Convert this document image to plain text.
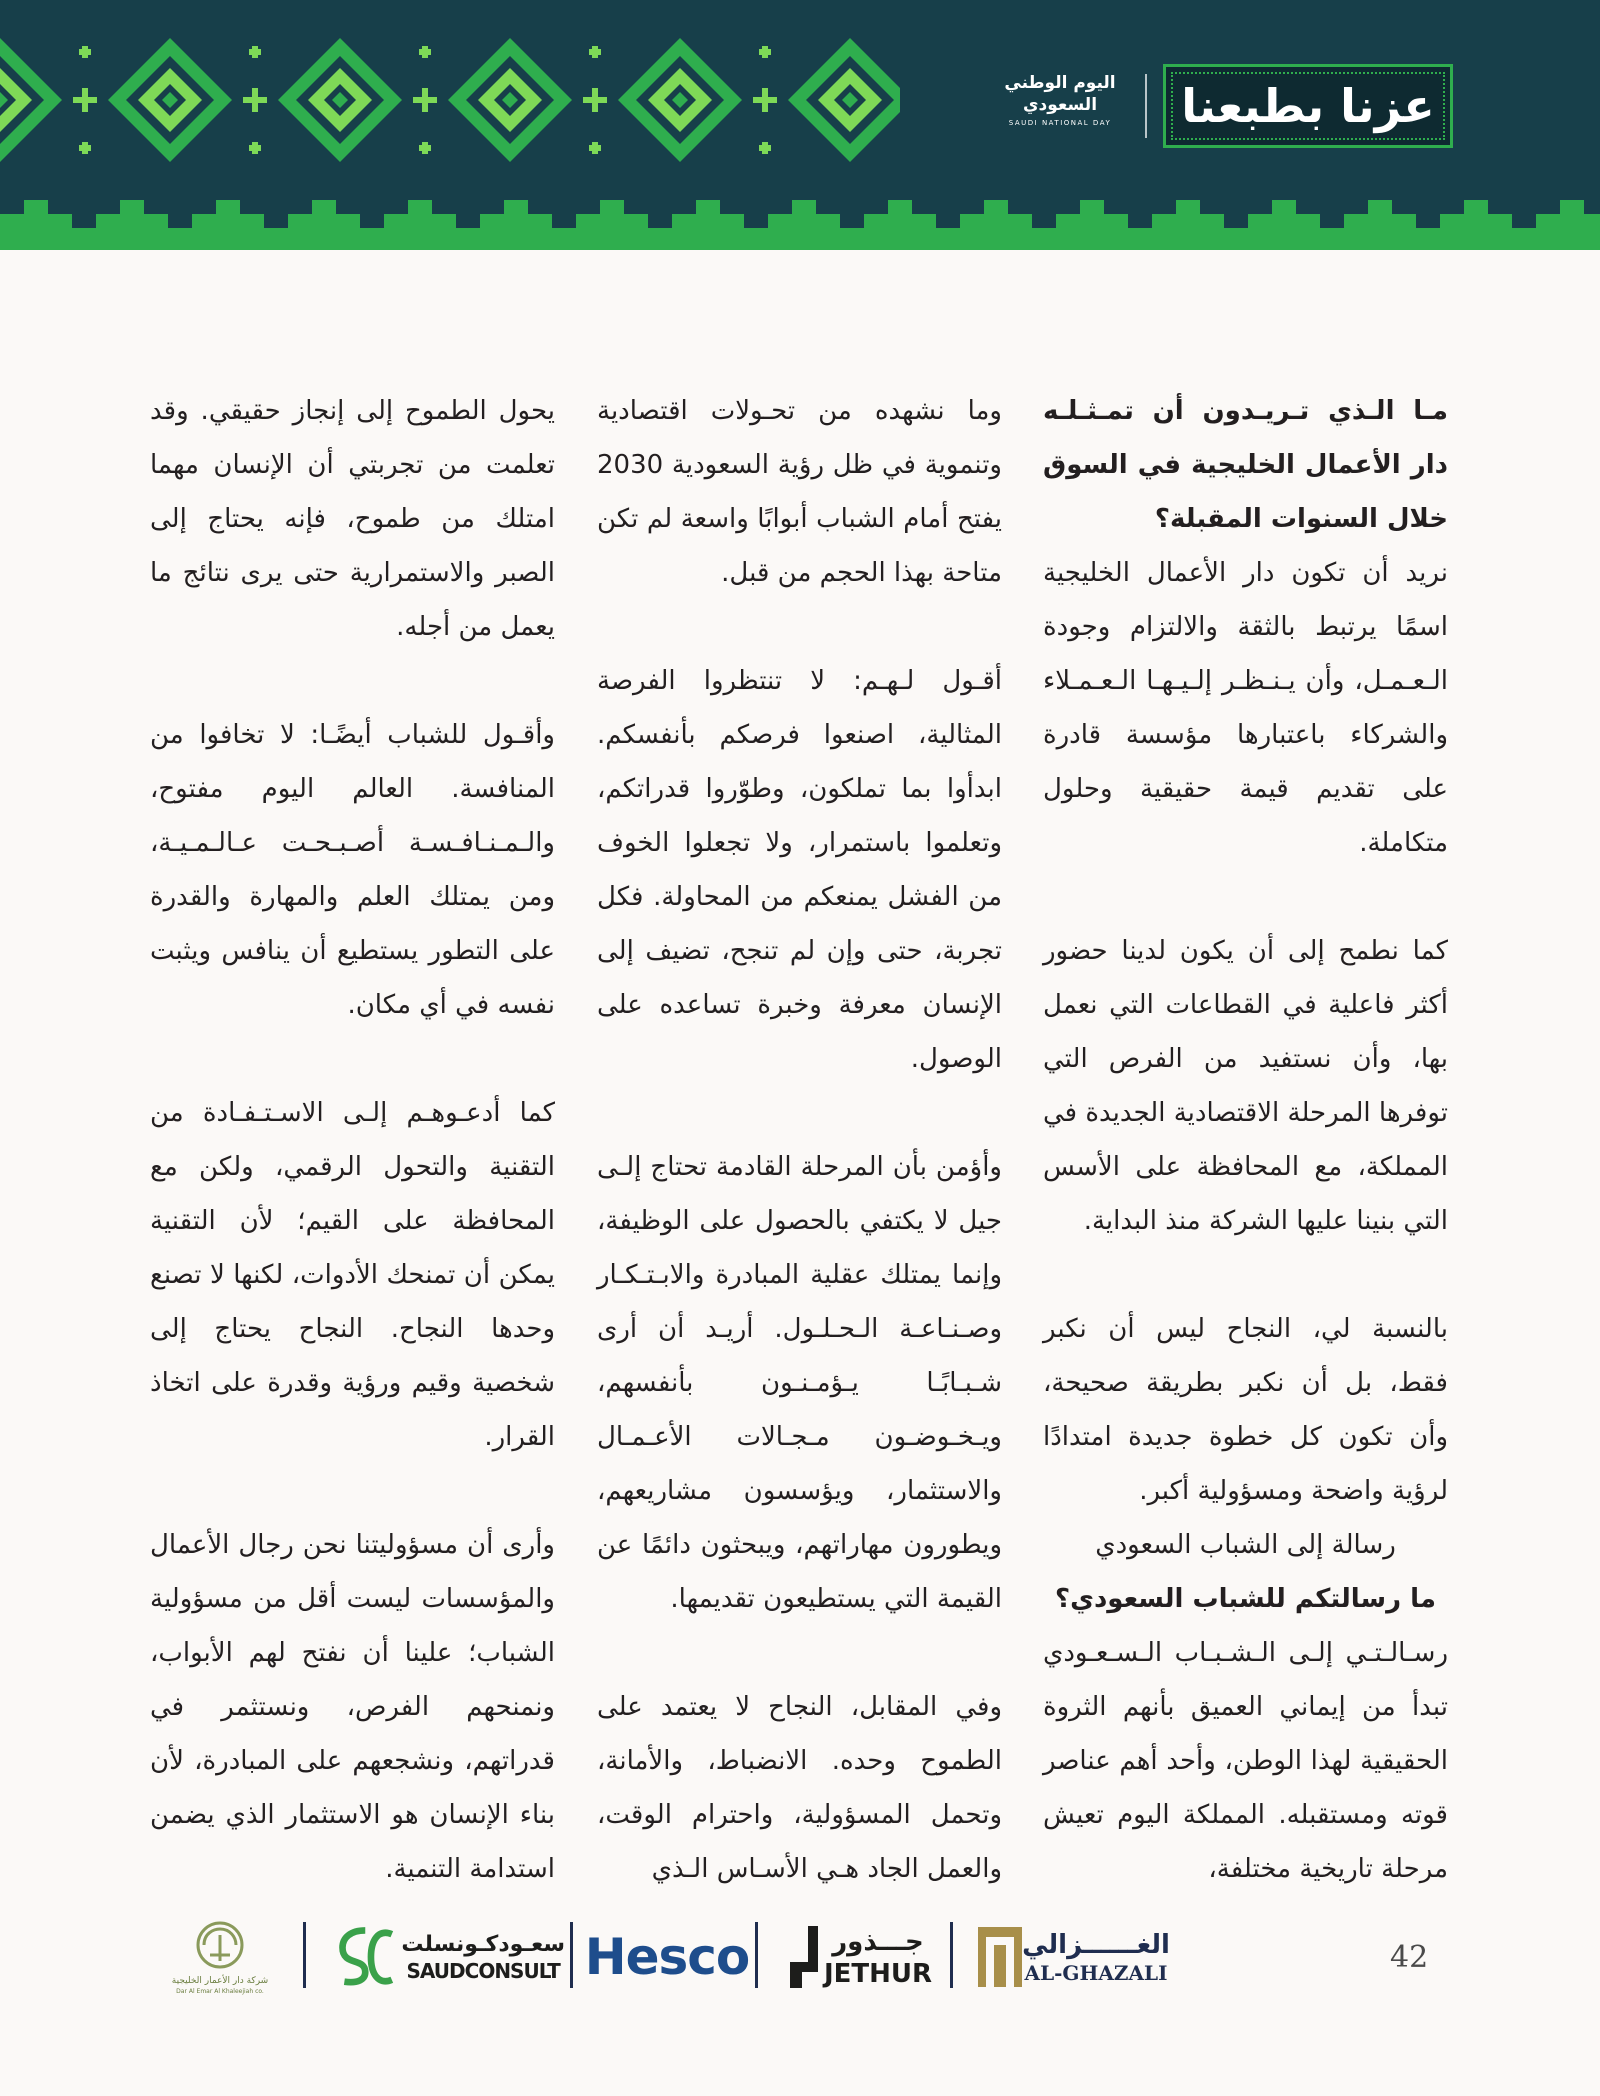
اليوم الوطني
السعودي
SAUDI NATIONAL DAY	عزنا بطبعنا

مـا الـذي تـريـدون أن تمـثـلـه دار الأعمال الخليجية في السوق خلال السنوات المقبلة؟

نريد أن تكون دار الأعمال الخليجية اسمًا يرتبط بالثقة والالتزام وجودة الـعـمـل، وأن يـنـظـر إلـيـهـا الـعـمـلاء والشركاء باعتبارها مؤسسة قادرة على تقديم قيمة حقيقية وحلول متكاملة.

كما نطمح إلى أن يكون لدينا حضور أكثر فاعلية في القطاعات التي نعمل بها، وأن نستفيد من الفرص التي توفرها المرحلة الاقتصادية الجديدة في المملكة، مع المحافظة على الأسس التي بنينا عليها الشركة منذ البداية.

بالنسبة لي، النجاح ليس أن نكبر فقط، بل أن نكبر بطريقة صحيحة، وأن تكون كل خطوة جديدة امتدادًا لرؤية واضحة ومسؤولية أكبر.

رسالة إلى الشباب السعودي

ما رسالتكم للشباب السعودي؟

رسـالـتـي إلـى الـشـبـاب الـسـعـودي تبدأ من إيماني العميق بأنهم الثروة الحقيقية لهذا الوطن، وأحد أهم عناصر قوته ومستقبله. المملكة اليوم تعيش مرحلة تاريخية مختلفة،

وما نشهده من تحـولات اقتصادية وتنموية في ظل رؤية السعودية 2030 يفتح أمام الشباب أبوابًا واسعة لم تكن متاحة بهذا الحجم من قبل.

أقـول لـهـم: لا تنتظروا الفرصة المثالية، اصنعوا فرصكم بأنفسكم. ابدأوا بما تملكون، وطوّروا قدراتكم، وتعلموا باستمرار، ولا تجعلوا الخوف من الفشل يمنعكم من المحاولة. فكل تجربة، حتى وإن لم تنجح، تضيف إلى الإنسان معرفة وخبرة تساعده على الوصول.

وأؤمن بأن المرحلة القادمة تحتاج إلـى جيل لا يكتفي بالحصول على الوظيفة، وإنما يمتلك عقلية المبادرة والابـتـكـار وصـنـاعـة الـحـلـول. أريـد أن أرى شـبـابًـا يـؤمـنـون بأنفسهم، ويـخـوضـون مـجـالات الأعـمـال والاستثمار، ويؤسسون مشاريعهم، ويطورون مهاراتهم، ويبحثون دائمًا عن القيمة التي يستطيعون تقديمها.

وفي المقابل، النجاح لا يعتمد على الطموح وحده. الانضباط، والأمانة، وتحمل المسؤولية، واحترام الوقت، والعمل الجاد هـي الأسـاس الـذي

يحول الطموح إلى إنجاز حقيقي. وقد تعلمت من تجربتي أن الإنسان مهما امتلك من طموح، فإنه يحتاج إلى الصبر والاستمرارية حتى يرى نتائج ما يعمل من أجله.

وأقـول للشباب أيضًـا: لا تخافوا من المنافسة. العالم اليوم مفتوح، والـمـنـافـسـة أصـبـحـت عـالـمـيـة، ومن يمتلك العلم والمهارة والقدرة على التطور يستطيع أن ينافس ويثبت نفسه في أي مكان.

كما أدعـوهـم إلـى الاسـتـفـادة من التقنية والتحول الرقمي، ولكن مع المحافظة على القيم؛ لأن التقنية يمكن أن تمنحك الأدوات، لكنها لا تصنع وحدها النجاح. النجاح يحتاج إلى شخصية وقيم ورؤية وقدرة على اتخاذ القرار.

وأرى أن مسؤوليتنا نحن رجال الأعمال والمؤسسات ليست أقل من مسؤولية الشباب؛ علينا أن نفتح لهم الأبواب، ونمنحهم الفرص، ونستثمر في قدراتهم، ونشجعهم على المبادرة، لأن بناء الإنسان هو الاستثمار الذي يضمن استدامة التنمية.

42
الغــــــزالي
AL-GHAZALI
جـــذور
JETHUR
Hesco
سعـودكـونسلت
SAUDCONSULT
شركة دار الأعمار الخليجية
Dar Al Emar Al Khaleejiah co.
